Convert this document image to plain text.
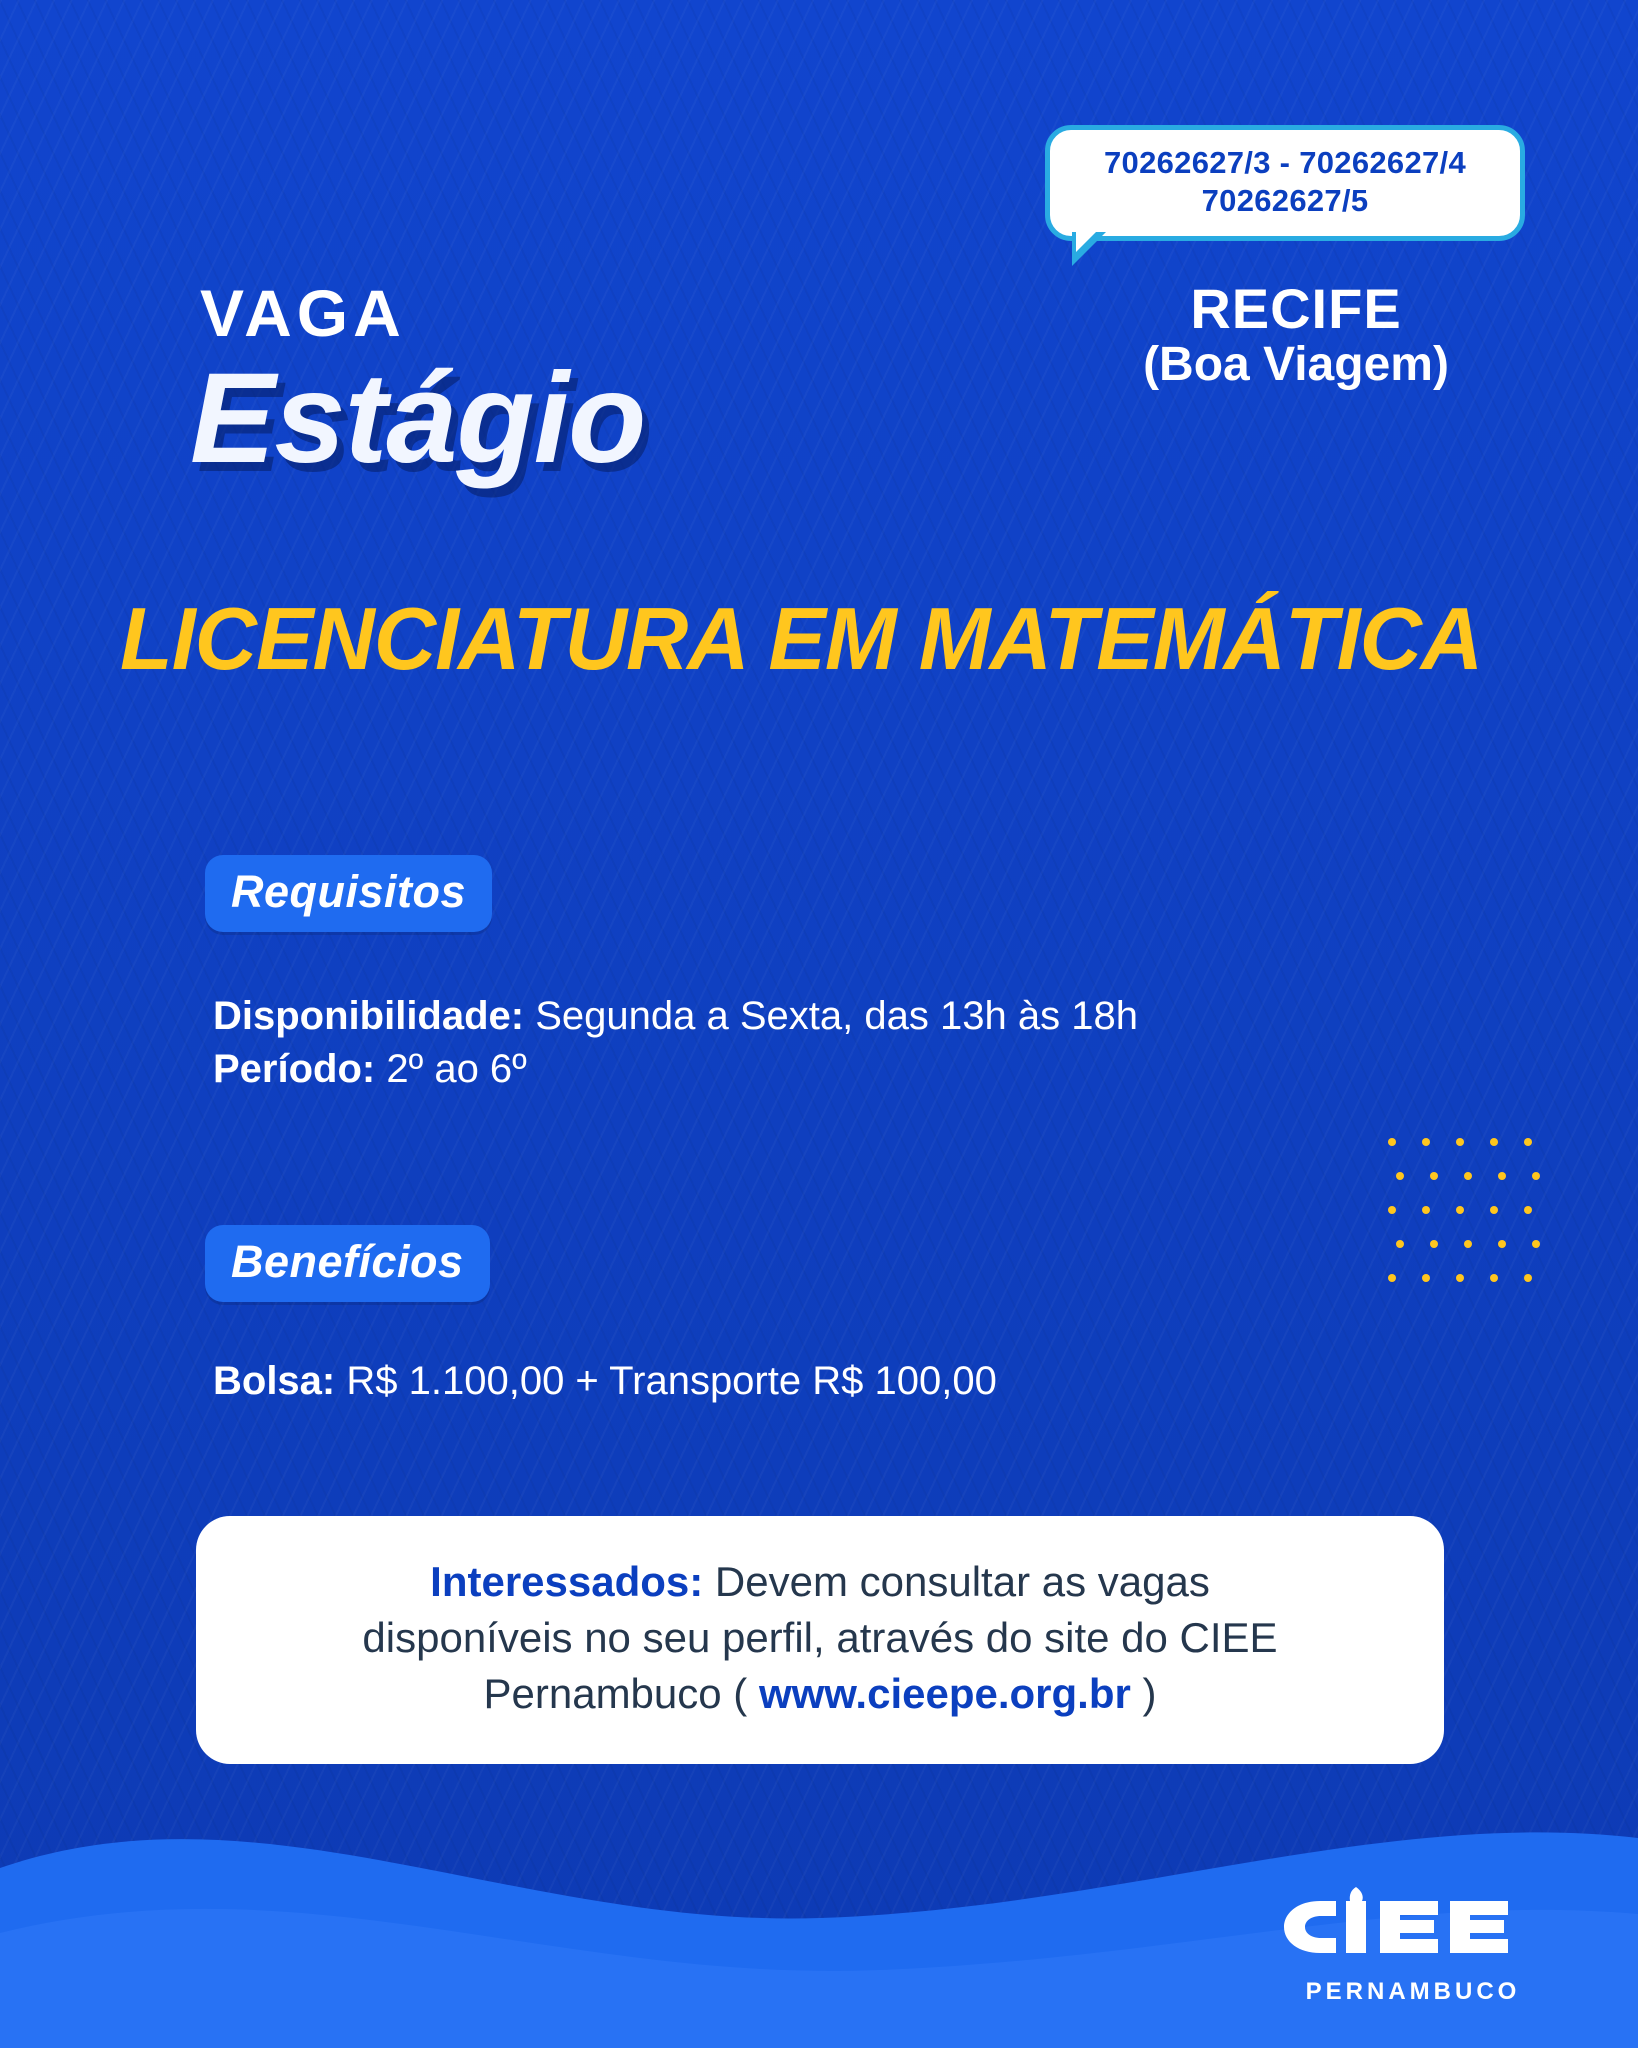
70262627/3 - 70262627/4
70262627/5
RECIFE
(Boa Viagem)
VAGA
Estágio
LICENCIATURA EM MATEMÁTICA
Requisitos
Disponibilidade: Segunda a Sexta, das 13h às 18h
Período: 2º ao 6º
Benefícios
Bolsa: R$ 1.100,00 + Transporte R$ 100,00
Interessados: Devem consultar as vagas
disponíveis no seu perfil, através do site do CIEE
Pernambuco ( www.cieepe.org.br )
PERNAMBUCO
